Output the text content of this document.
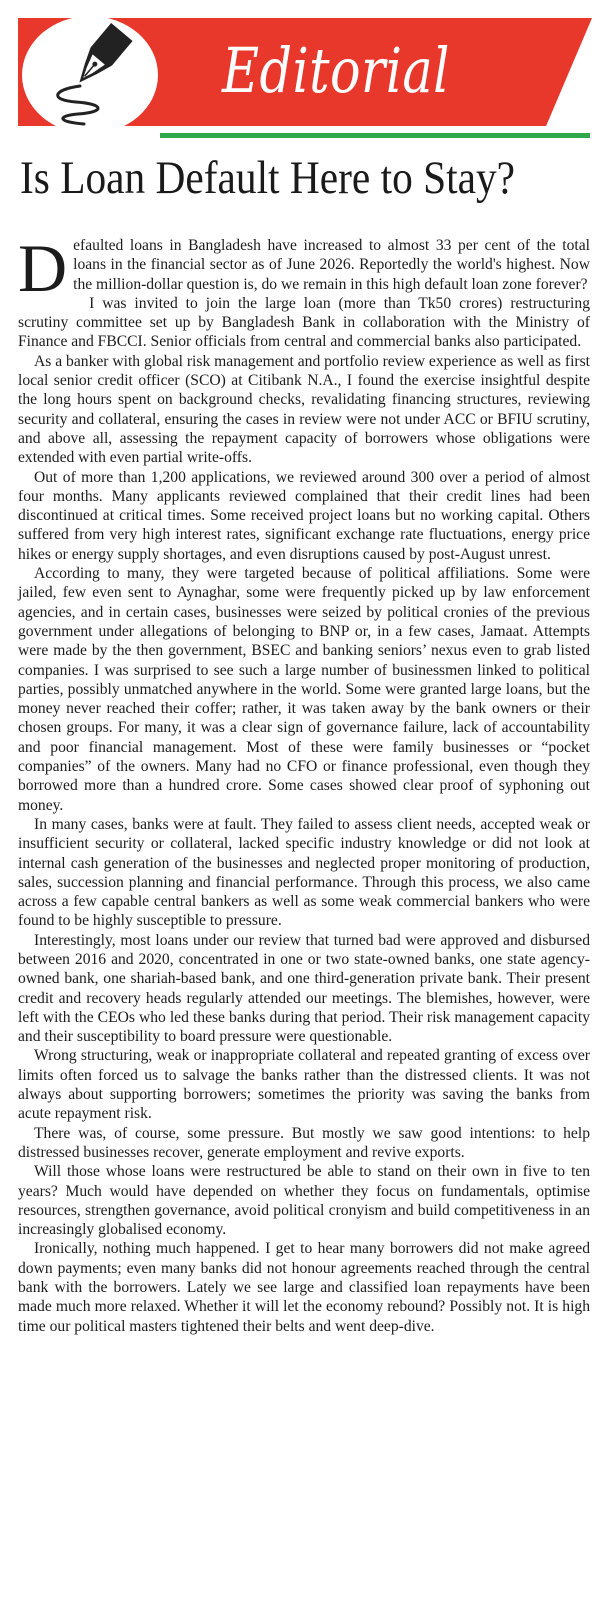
Editorial
Is Loan Default Here to Stay?

Defaulted loans in Bangladesh have increased to almost 33 per cent of the total loans in the financial sector as of June 2026. Reportedly the world's highest. Now the million-dollar question is, do we remain in this high default loan zone forever?

I was invited to join the large loan (more than Tk50 crores) restructuring scrutiny committee set up by Bangladesh Bank in collaboration with the Ministry of Finance and FBCCI. Senior officials from central and commercial banks also participated.

As a banker with global risk management and portfolio review experience as well as first local senior credit officer (SCO) at Citibank N.A., I found the exercise insightful despite the long hours spent on background checks, revalidating financing structures, reviewing security and collateral, ensuring the cases in review were not under ACC or BFIU scrutiny, and above all, assessing the repayment capacity of borrowers whose obligations were extended with even partial write-offs.

Out of more than 1,200 applications, we reviewed around 300 over a period of almost four months. Many applicants reviewed complained that their credit lines had been discontinued at critical times. Some received project loans but no working capital. Others suffered from very high interest rates, significant exchange rate fluctuations, energy price hikes or energy supply shortages, and even disruptions caused by post-August unrest.

According to many, they were targeted because of political affiliations. Some were jailed, few even sent to Aynaghar, some were frequently picked up by law enforcement agencies, and in certain cases, businesses were seized by political cronies of the previous government under allegations of belonging to BNP or, in a few cases, Jamaat. Attempts were made by the then government, BSEC and banking seniors’ nexus even to grab listed companies. I was surprised to see such a large number of businessmen linked to political parties, possibly unmatched anywhere in the world. Some were granted large loans, but the money never reached their coffer; rather, it was taken away by the bank owners or their chosen groups. For many, it was a clear sign of governance failure, lack of accountability and poor financial management. Most of these were family businesses or “pocket companies” of the owners. Many had no CFO or finance professional, even though they borrowed more than a hundred crore. Some cases showed clear proof of syphoning out money.

In many cases, banks were at fault. They failed to assess client needs, accepted weak or insufficient security or collateral, lacked specific industry knowledge or did not look at internal cash generation of the businesses and neglected proper monitoring of production, sales, succession planning and financial performance. Through this process, we also came across a few capable central bankers as well as some weak commercial bankers who were found to be highly susceptible to pressure.

Interestingly, most loans under our review that turned bad were approved and disbursed between 2016 and 2020, concentrated in one or two state-owned banks, one state agency-owned bank, one shariah-based bank, and one third-generation private bank. Their present credit and recovery heads regularly attended our meetings. The blemishes, however, were left with the CEOs who led these banks during that period. Their risk management capacity and their susceptibility to board pressure were questionable.

Wrong structuring, weak or inappropriate collateral and repeated granting of excess over limits often forced us to salvage the banks rather than the distressed clients. It was not always about supporting borrowers; sometimes the priority was saving the banks from acute repayment risk.

There was, of course, some pressure. But mostly we saw good intentions: to help distressed businesses recover, generate employment and revive exports.

Will those whose loans were restructured be able to stand on their own in five to ten years? Much would have depended on whether they focus on fundamentals, optimise resources, strengthen governance, avoid political cronyism and build competitiveness in an increasingly globalised economy.

Ironically, nothing much happened. I get to hear many borrowers did not make agreed down payments; even many banks did not honour agreements reached through the central bank with the borrowers. Lately we see large and classified loan repayments have been made much more relaxed. Whether it will let the economy rebound? Possibly not. It is high time our political masters tightened their belts and went deep-dive.
